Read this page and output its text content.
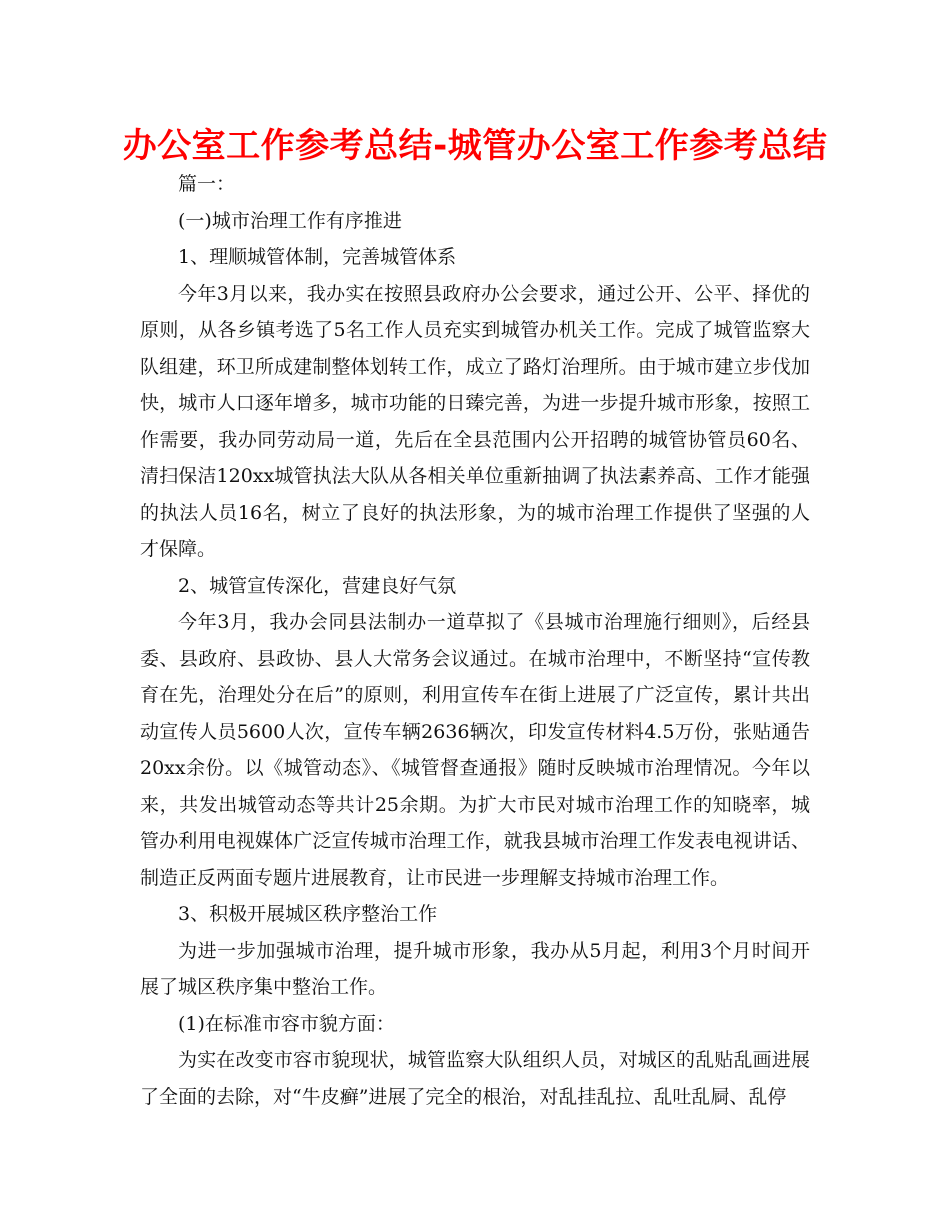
办公室工作参考总结-城管办公室工作参考总结

篇一：

(一)城市治理工作有序推进

1、理顺城管体制，完善城管体系

今年3月以来，我办实在按照县政府办公会要求，通过公开、公平、择优的原则，从各乡镇考选了5名工作人员充实到城管办机关工作。完成了城管监察大队组建，环卫所成建制整体划转工作，成立了路灯治理所。由于城市建立步伐加快，城市人口逐年增多，城市功能的日臻完善，为进一步提升城市形象，按照工作需要，我办同劳动局一道，先后在全县范围内公开招聘的城管协管员60名、清扫保洁120xx城管执法大队从各相关单位重新抽调了执法素养高、工作才能强的执法人员16名，树立了良好的执法形象，为的城市治理工作提供了坚强的人才保障。

2、城管宣传深化，营建良好气氛

今年3月，我办会同县法制办一道草拟了《县城市治理施行细则》，后经县委、县政府、县政协、县人大常务会议通过。在城市治理中，不断坚持“宣传教育在先，治理处分在后”的原则，利用宣传车在街上进展了广泛宣传，累计共出动宣传人员5600人次，宣传车辆2636辆次，印发宣传材料4.5万份，张贴通告20xx余份。以《城管动态》、《城管督查通报》随时反映城市治理情况。今年以来，共发出城管动态等共计25余期。为扩大市民对城市治理工作的知晓率，城管办利用电视媒体广泛宣传城市治理工作，就我县城市治理工作发表电视讲话、制造正反两面专题片进展教育，让市民进一步理解支持城市治理工作。

3、积极开展城区秩序整治工作

为进一步加强城市治理，提升城市形象，我办从5月起，利用3个月时间开展了城区秩序集中整治工作。

(1)在标准市容市貌方面：

为实在改变市容市貌现状，城管监察大队组织人员，对城区的乱贴乱画进展了全面的去除，对“牛皮癣”进展了完全的根治，对乱挂乱拉、乱吐乱屙、乱停
